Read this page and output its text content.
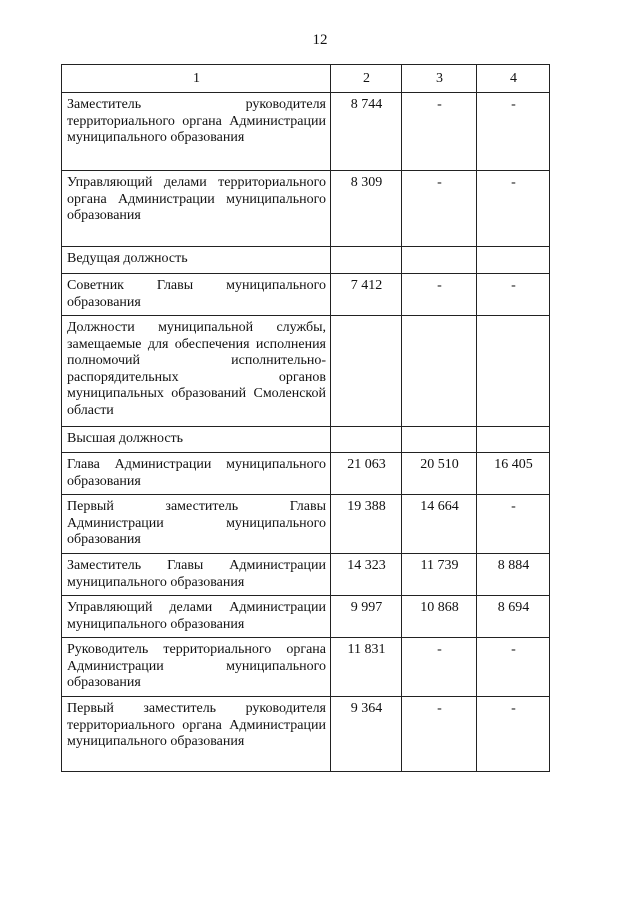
12
1	2	3	4
Заместитель руководителя территориального органа Администрации муниципального образования	8 744	-	-
Управляющий делами территориального органа Администрации муниципального образования	8 309	-	-
Ведущая должность			
Советник Главы муниципального образования	7 412	-	-
Должности муниципальной службы, замещаемые для обеспечения исполнения полномочий исполнительно-распорядительных органов муниципальных образований Смоленской области			
Высшая должность			
Глава Администрации муниципального образования	21 063	20 510	16 405
Первый заместитель Главы Администрации муниципального образования	19 388	14 664	-
Заместитель Главы Администрации муниципального образования	14 323	11 739	8 884
Управляющий делами Администрации муниципального образования	9 997	10 868	8 694
Руководитель территориального органа Администрации муниципального образования	11 831	-	-
Первый заместитель руководителя территориального органа Администрации муниципального образования	9 364	-	-
